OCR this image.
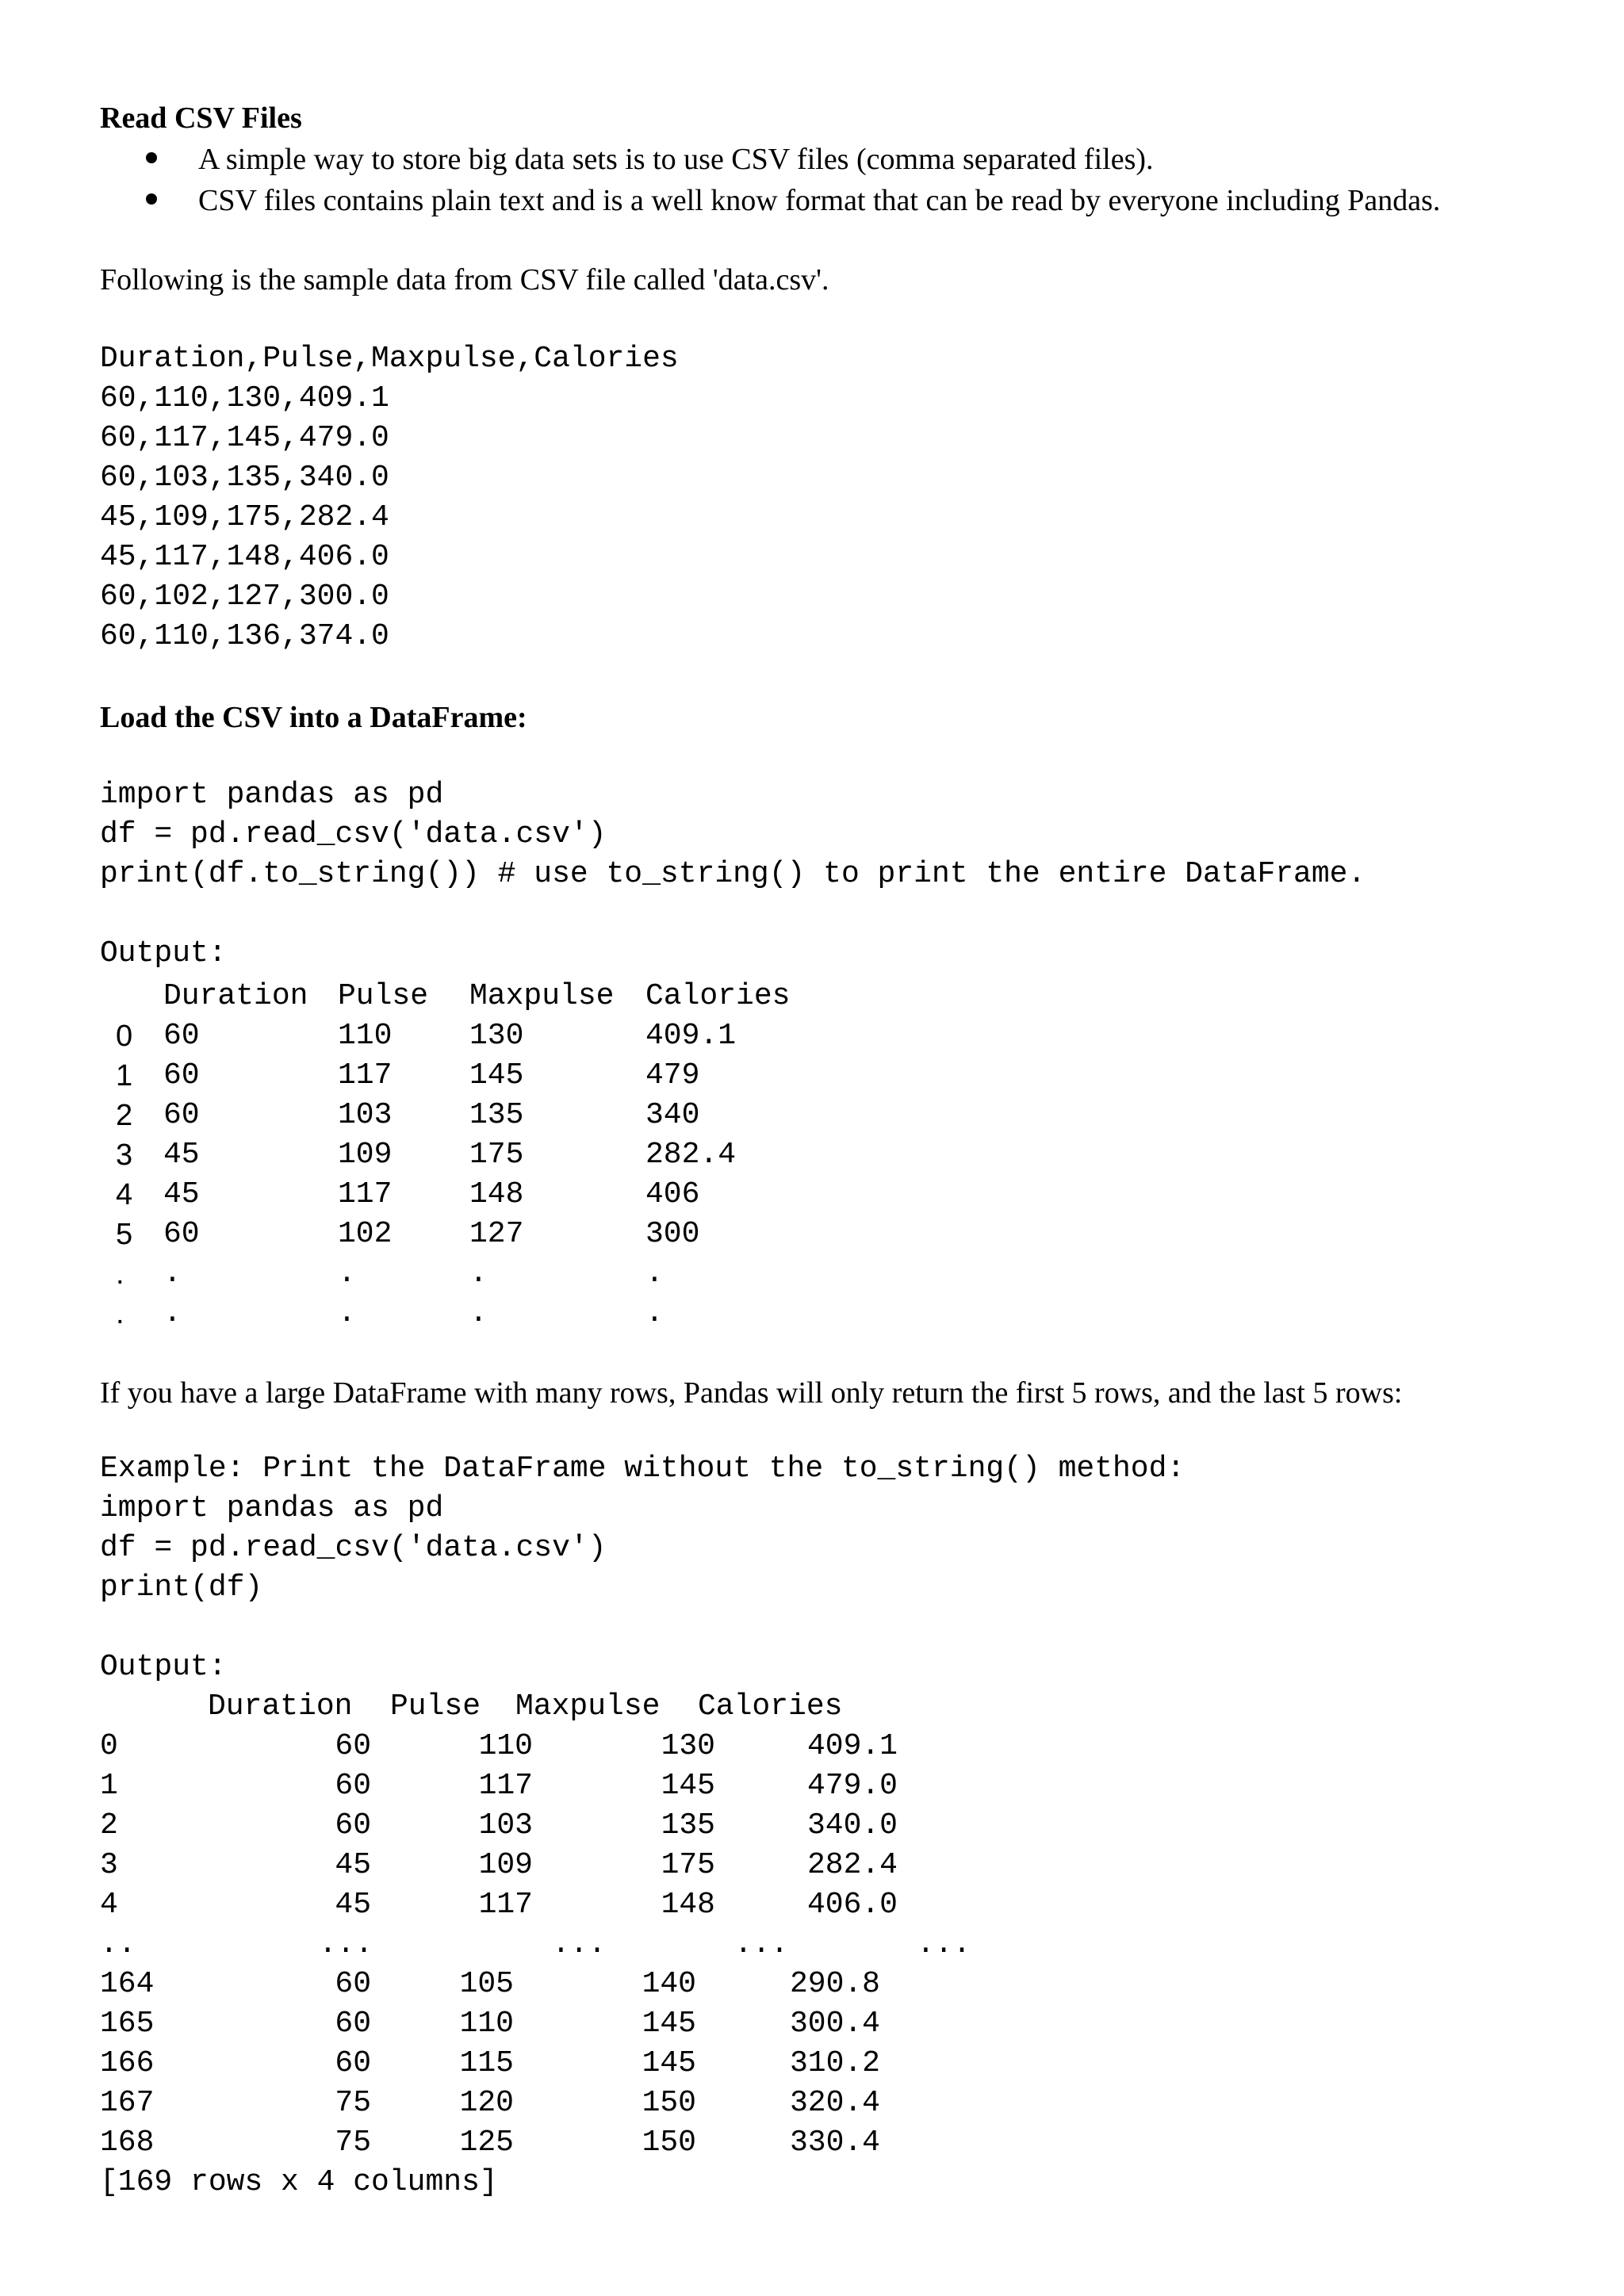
Read CSV Files
A simple way to store big data sets is to use CSV files (comma separated files).
CSV files contains plain text and is a well know format that can be read by everyone including Pandas.
Following is the sample data from CSV file called 'data.csv'.
Duration,Pulse,Maxpulse,Calories
60,110,130,409.1
60,117,145,479.0
60,103,135,340.0
45,109,175,282.4
45,117,148,406.0
60,102,127,300.0
60,110,136,374.0
Load the CSV into a DataFrame:
import pandas as pd
df = pd.read_csv('data.csv')
print(df.to_string()) # use to_string() to print the entire DataFrame.
Output:
Duration Pulse Maxpulse Calories
0 60	110	130	409.1
1 60	117	145	479
2 60	103	135	340
3 45	109	175	282.4
4 45	117	148	406
5 60	102	127	300
. .	.	.	.
. .	.	.	.
Output:
If you have a large DataFrame with many rows, Pandas will only return the first 5 rows, and the last 5 rows:
Example: Print the DataFrame without the to_string() method:
import pandas as pd
df = pd.read_csv('data.csv')
print(df)
Duration Pulse Maxpulse Calories
0	60	110	130	409.1
1	60	117	145	479.0
2	60	103	135	340.0
3	45	109	175	282.4
4	45	117	148	406.0
..	...	...	...	...
164	60	105	140	290.8
165	60	110	145	300.4
166	60	115	145	310.2
167	75	120	150	320.4
168	75	125	150	330.4
[169 rows x 4 columns]
